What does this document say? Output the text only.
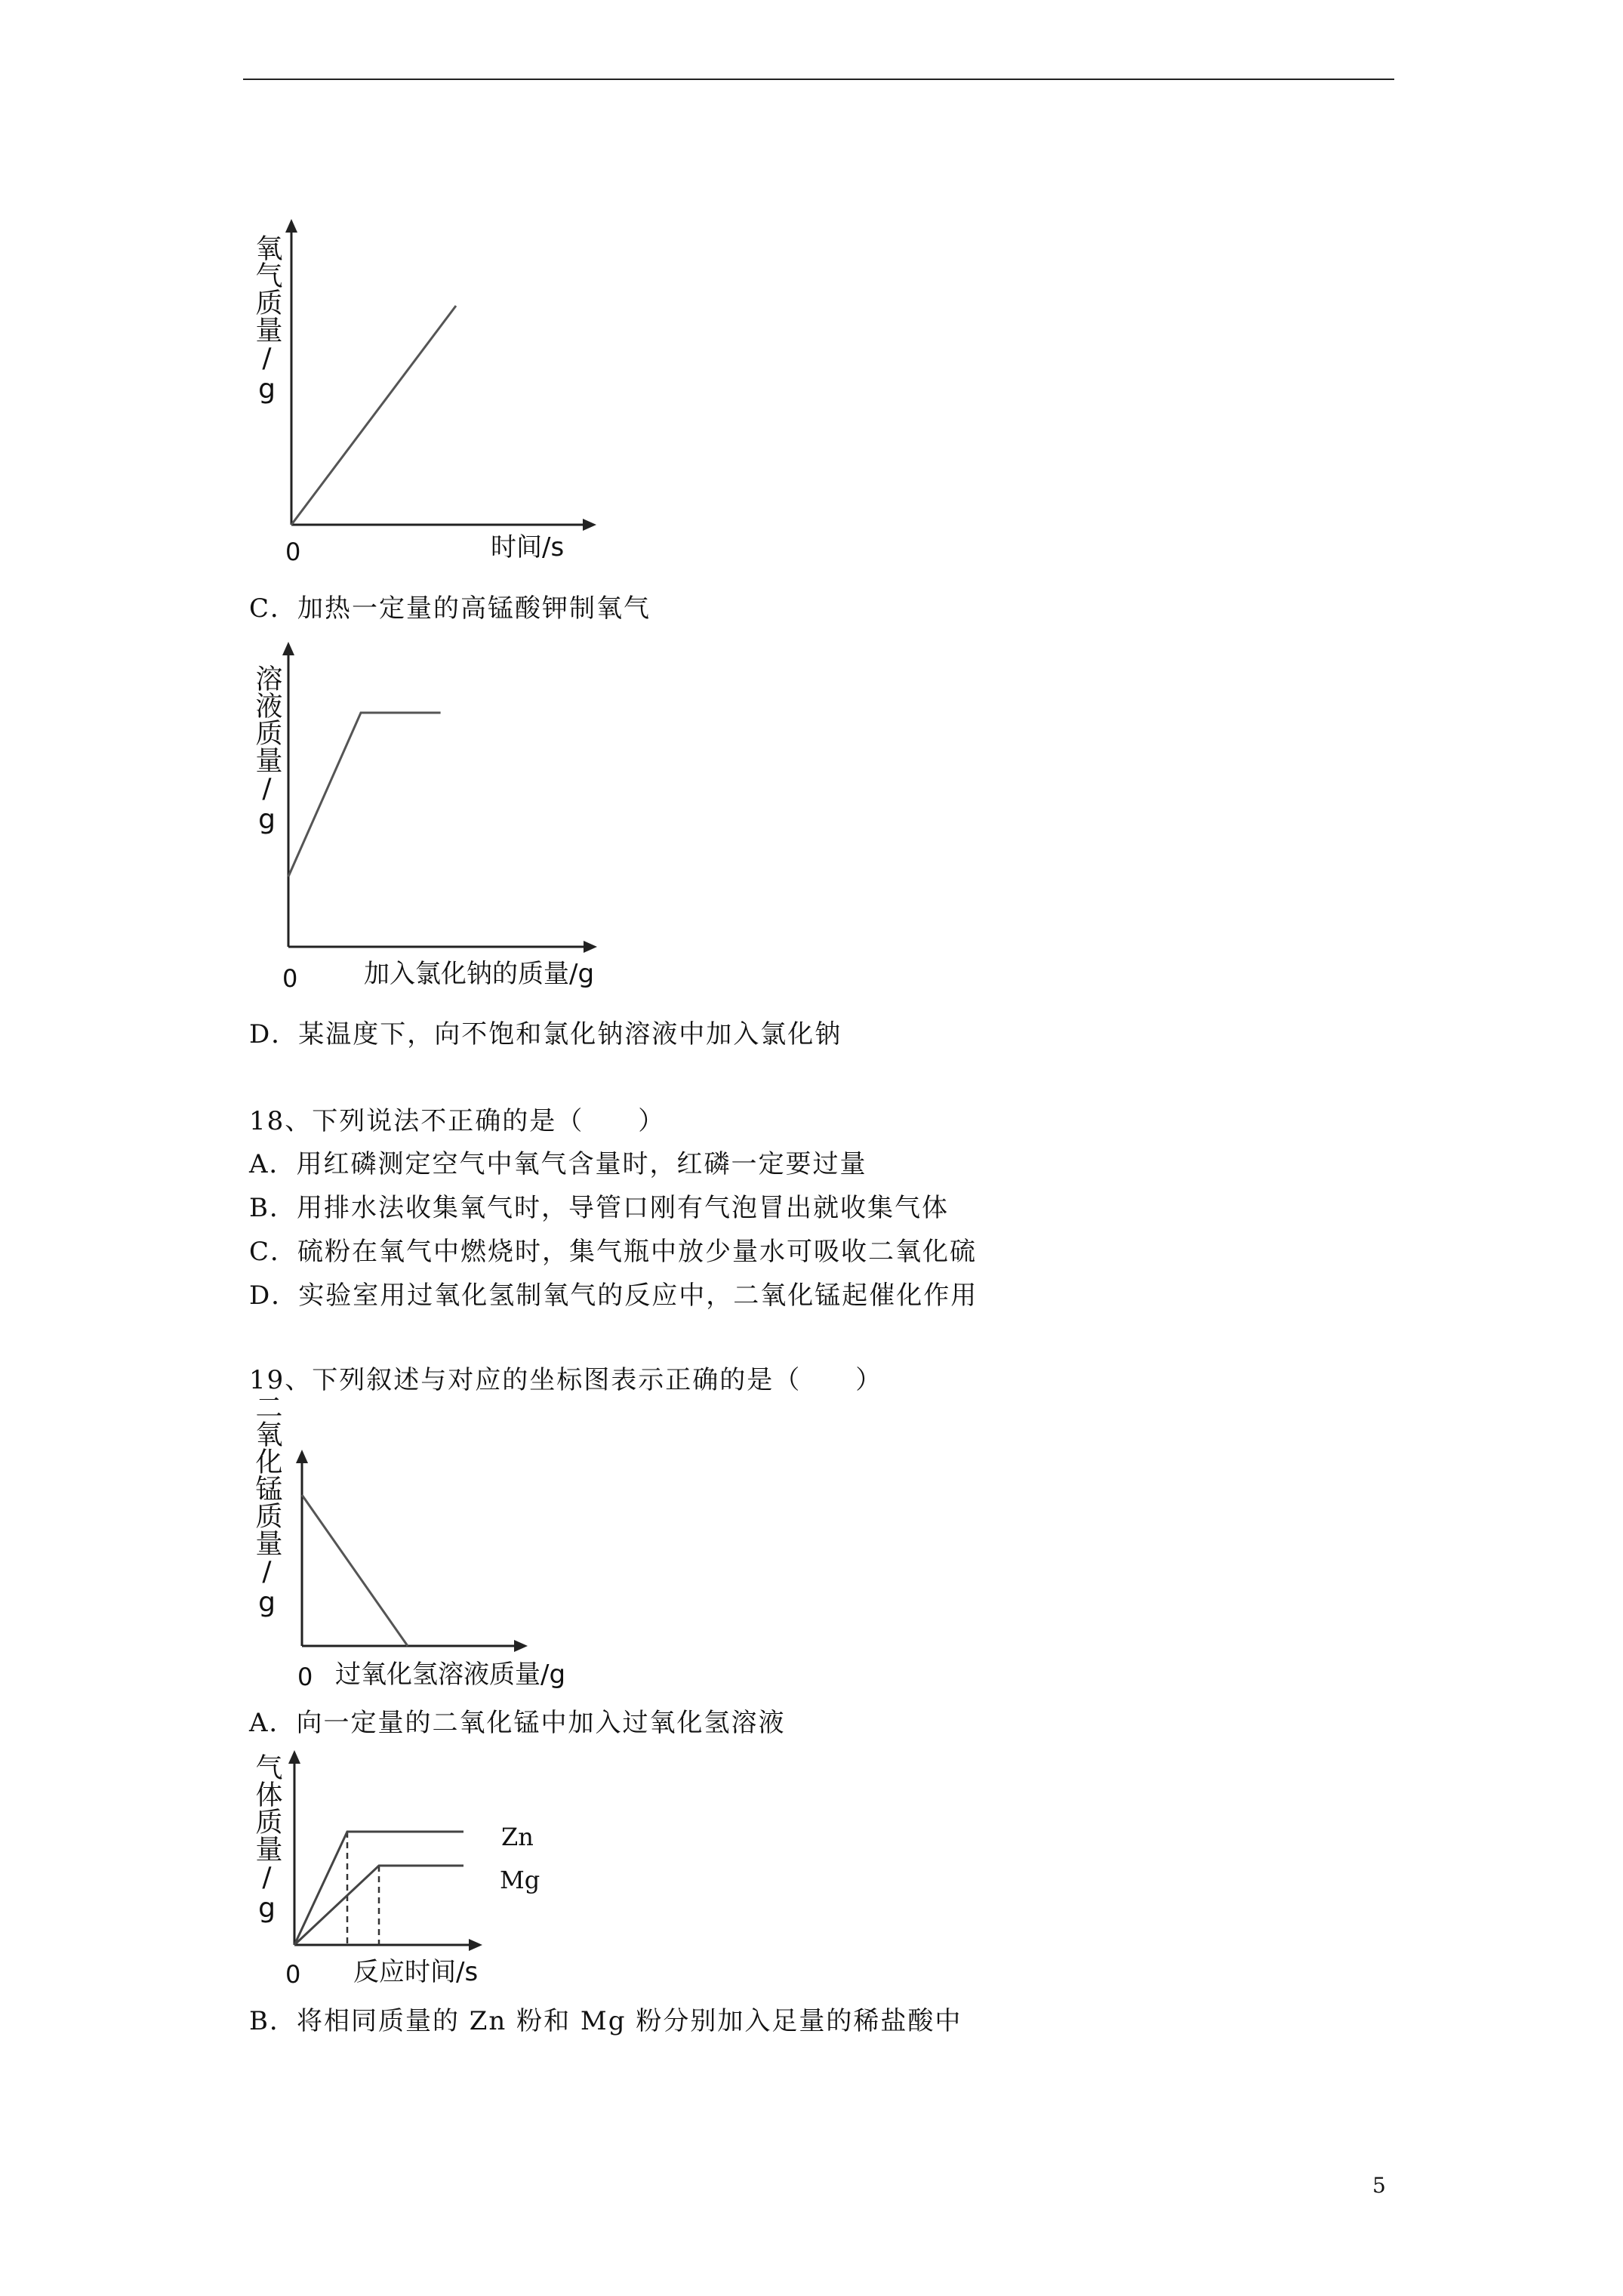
氧气质量/g
0	时间/s
C．加热一定量的高锰酸钾制氧气
溶液质量/g
0	加入氯化钠的质量/g
D．某温度下，向不饱和氯化钠溶液中加入氯化钠
18、下列说法不正确的是（　　）
A．用红磷测定空气中氧气含量时，红磷一定要过量
B．用排水法收集氧气时，导管口刚有气泡冒出就收集气体
C．硫粉在氧气中燃烧时，集气瓶中放少量水可吸收二氧化硫
D．实验室用过氧化氢制氧气的反应中，二氧化锰起催化作用
19、下列叙述与对应的坐标图表示正确的是（　　）
二氧化锰质量/g
0 过氧化氢溶液质量/g
A．向一定量的二氧化锰中加入过氧化氢溶液
气体质量/g	Zn
Mg
0 反应时间/s
B．将相同质量的 Zn 粉和 Mg 粉分别加入足量的稀盐酸中
5
